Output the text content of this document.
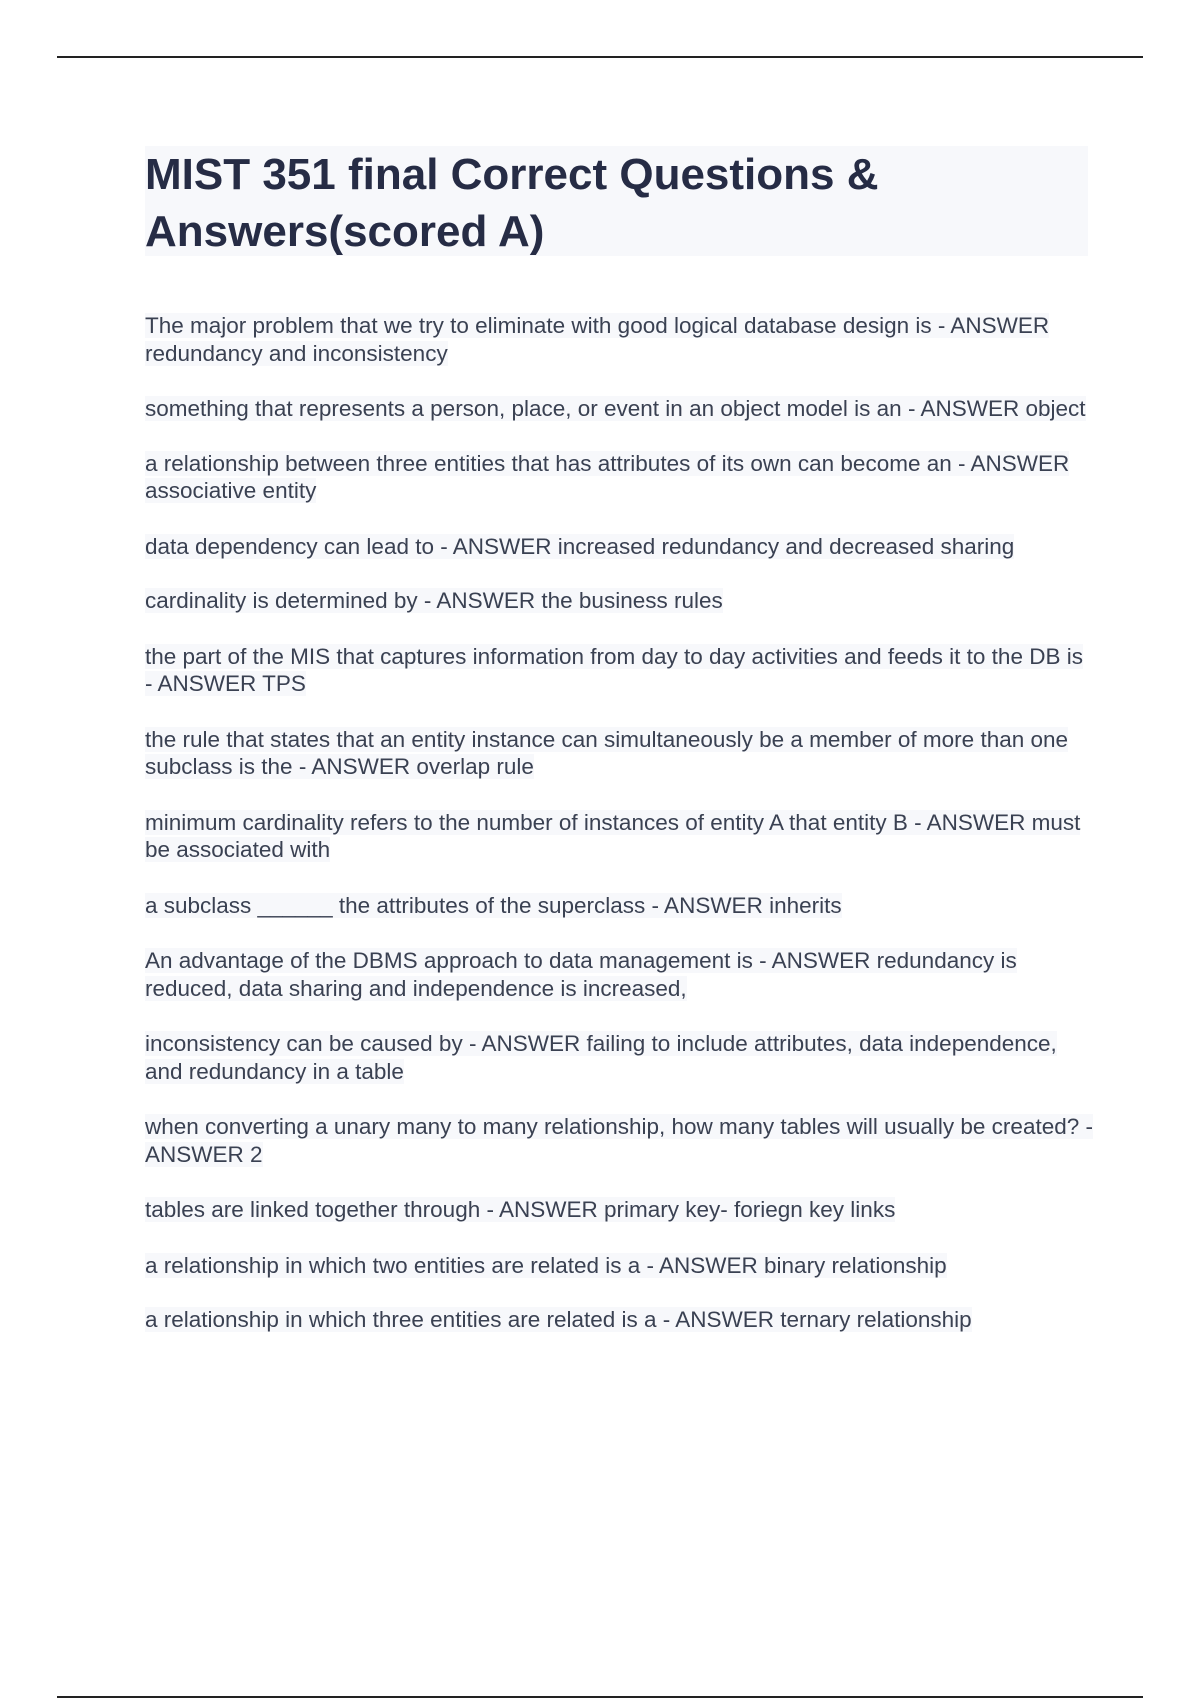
MIST 351 final Correct Questions & Answers(scored A)
The major problem that we try to eliminate with good logical database design is - ANSWER redundancy and inconsistency
something that represents a person, place, or event in an object model is an - ANSWER object
a relationship between three entities that has attributes of its own can become an - ANSWER associative entity
data dependency can lead to - ANSWER increased redundancy and decreased sharing
cardinality is determined by - ANSWER the business rules
the part of the MIS that captures information from day to day activities and feeds it to the DB is - ANSWER TPS
the rule that states that an entity instance can simultaneously be a member of more than one subclass is the - ANSWER overlap rule
minimum cardinality refers to the number of instances of entity A that entity B - ANSWER must be associated with
a subclass ______ the attributes of the superclass - ANSWER inherits
An advantage of the DBMS approach to data management is - ANSWER redundancy is reduced, data sharing and independence is increased,
inconsistency can be caused by - ANSWER failing to include attributes, data independence, and redundancy in a table
when converting a unary many to many relationship, how many tables will usually be created? - ANSWER 2
tables are linked together through - ANSWER primary key- foriegn key links
a relationship in which two entities are related is a - ANSWER binary relationship
a relationship in which three entities are related is a - ANSWER ternary relationship
